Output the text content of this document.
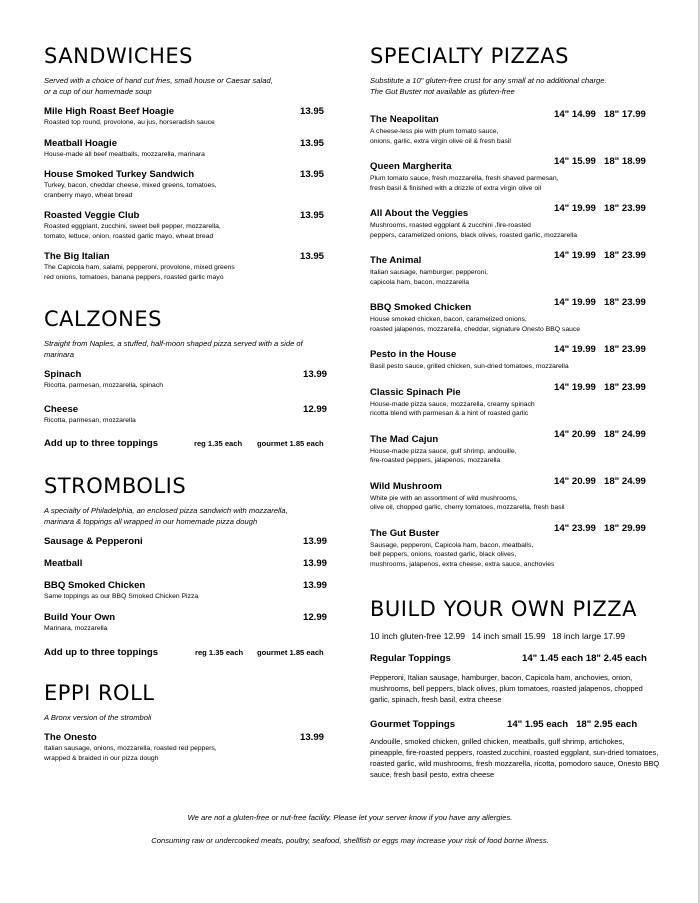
SANDWICHES
Served with a choice of hand cut fries, small house or Caesar salad,
or a cup of our homemade soup
Mile High Roast Beef Hoagie	13.95
Roasted top round, provolone, au jus, horseradish sauce
Meatball Hoagie	13.95
House-made all beef meatballs, mozzarella, marinara
House Smoked Turkey Sandwich	13.95
Turkey, bacon, cheddar cheese, mixed greens, tomatoes,
cranberry mayo, wheat bread
Roasted Veggie Club	13.95
Roasted eggplant, zucchini, sweet bell pepper, mozzarella,
tomato, lettuce, onion, roasted garlic mayo, wheat bread
The Big Italian	13.95
The Capicola ham, salami, pepperoni, provolone, mixed greens
red onions, tomatoes, banana peppers, roasted garlic mayo
CALZONES
Straight from Naples, a stuffed, half-moon shaped pizza served with a side of
marinara
Spinach	13.99
Ricotta, parmesan, mozzarella, spinach
Cheese	12.99
Ricotta, parmesan, mozzarella
Add up to three toppings	reg 1.35 each gourmet 1.85 each
STROMBOLIS
A specialty of Philadelphia, an enclosed pizza sandwich with mozzarella,
marinara & toppings all wrapped in our homemade pizza dough
Sausage & Pepperoni	13.99
Meatball	13.99
BBQ Smoked Chicken	13.99
Same toppings as our BBQ Smoked Chicken Pizza
Build Your Own	12.99
Marinara, mozzarella
Add up to three toppings	reg 1.35 each gourmet 1.85 each
EPPI ROLL
A Bronx version of the stromboli
The Onesto	13.99
Italian sausage, onions, mozzarella, roasted red peppers,
wrapped & braided in our pizza dough
SPECIALTY PIZZAS
Substitute a 10" gluten-free crust for any small at no additional charge.
The Gut Buster not available as gluten-free
The Neapolitan	14" 14.99 18" 17.99
A cheese-less pie with plum tomato sauce,
onions, garlic, extra virgin olive oil & fresh basil
Queen Margherita	14" 15.99 18" 18.99
Plum tomato sauce, fresh mozzarella, fresh shaved parmesan,
fresh basil & finished with a drizzle of extra virgin olive oil
All About the Veggies	14" 19.99 18" 23.99
Mushrooms, roasted eggplant & zucchini ,fire-roasted
peppers, caramelized onions, black olives, roasted garlic, mozzarella
The Animal	14" 19.99 18" 23.99
Italian sausage, hamburger, pepperoni,
capicola ham, bacon, mozzarella
BBQ Smoked Chicken	14" 19.99 18" 23.99
House smoked chicken, bacon, caramelized onions,
roasted jalapenos, mozzarella, cheddar, signature Onesto BBQ sauce
Pesto in the House	14" 19.99 18" 23.99
Basil pesto sauce, grilled chicken, sun-dried tomatoes, mozzarella
Classic Spinach Pie	14" 19.99 18" 23.99
House-made pizza sauce, mozzarella, creamy spinach
ricotta blend with parmesan & a hint of roasted garlic
The Mad Cajun	14" 20.99 18" 24.99
House-made pizza sauce, gulf shrimp, andouille,
fire-roasted peppers, jalapenos, mozzarella
Wild Mushroom	14" 20.99 18" 24.99
White pie with an assortment of wild mushrooms,
olive oil, chopped garlic, cherry tomatoes, mozzarella, fresh basil
The Gut Buster	14" 23.99 18" 29.99
Sausage, pepperoni, Capicola ham, bacon, meatballs,
bell peppers, onions, roasted garlic, black olives,
mushrooms, jalapenos, extra cheese, extra sauce, anchovies
BUILD YOUR OWN PIZZA
10 inch gluten-free 12.99 14 inch small 15.99 18 inch large 17.99
Regular Toppings	14" 1.45 each 18" 2.45 each
Pepperoni, Italian sausage, hamburger, bacon, Capicola ham, anchovies, onion, mushrooms, bell peppers, black olives, plum tomatoes, roasted jalapenos, chopped garlic, spinach, fresh basil, extra cheese
Gourmet Toppings	14" 1.95 each 18" 2.95 each
Andouille, smoked chicken, grilled chicken, meatballs, gulf shrimp, artichokes, pineapple, fire-roasted peppers, roasted zucchini, roasted eggplant, sun-dried tomatoes, roasted garlic, wild mushrooms, fresh mozzarella, ricotta, pomodoro sauce, Onesto BBQ sauce, fresh basil pesto, extra cheese
We are not a gluten-free or nut-free facility. Please let your server know if you have any allergies.
Consuming raw or undercooked meats, poultry, seafood, shellfish or eggs may increase your risk of food borne illness.
